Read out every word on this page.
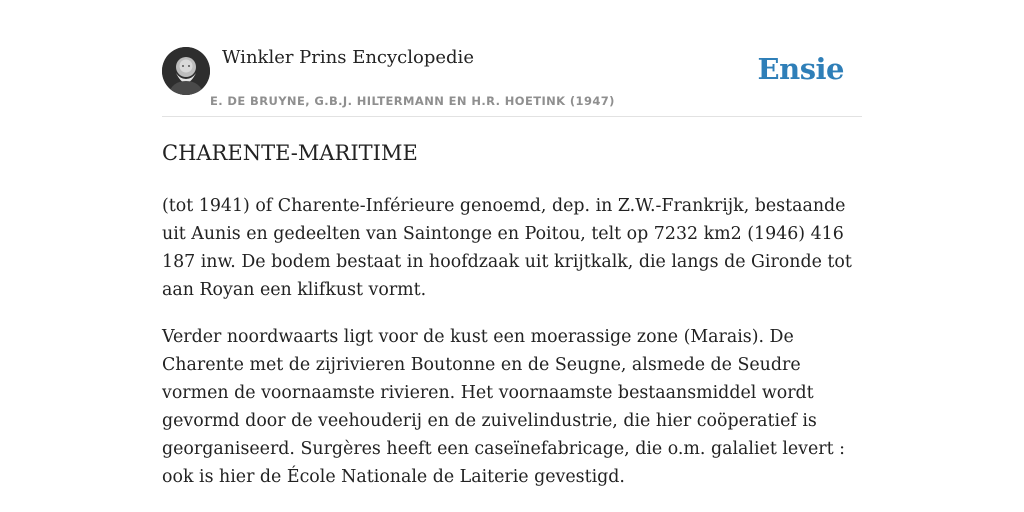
Winkler Prins Encyclopedie
E. DE BRUYNE, G.B.J. HILTERMANN EN H.R. HOETINK (1947)
Ensie
CHARENTE-MARITIME

(tot 1941) of Charente-Inférieure genoemd, dep. in Z.W.-Frankrijk, bestaande uit Aunis en gedeelten van Saintonge en Poitou, telt op 7232 km2 (1946) 416 187 inw. De bodem bestaat in hoofdzaak uit krijtkalk, die langs de Gironde tot aan Royan een klifkust vormt.

Verder noordwaarts ligt voor de kust een moerassige zone (Marais). De Charente met de zijrivieren Boutonne en de Seugne, alsmede de Seudre vormen de voornaamste rivieren. Het voornaamste bestaansmiddel wordt gevormd door de veehouderij en de zuivelindustrie, die hier coöperatief is georganiseerd. Surgères heeft een caseïnefabricage, die o.m. galaliet levert : ook is hier de École Nationale de Laiterie gevestigd.
